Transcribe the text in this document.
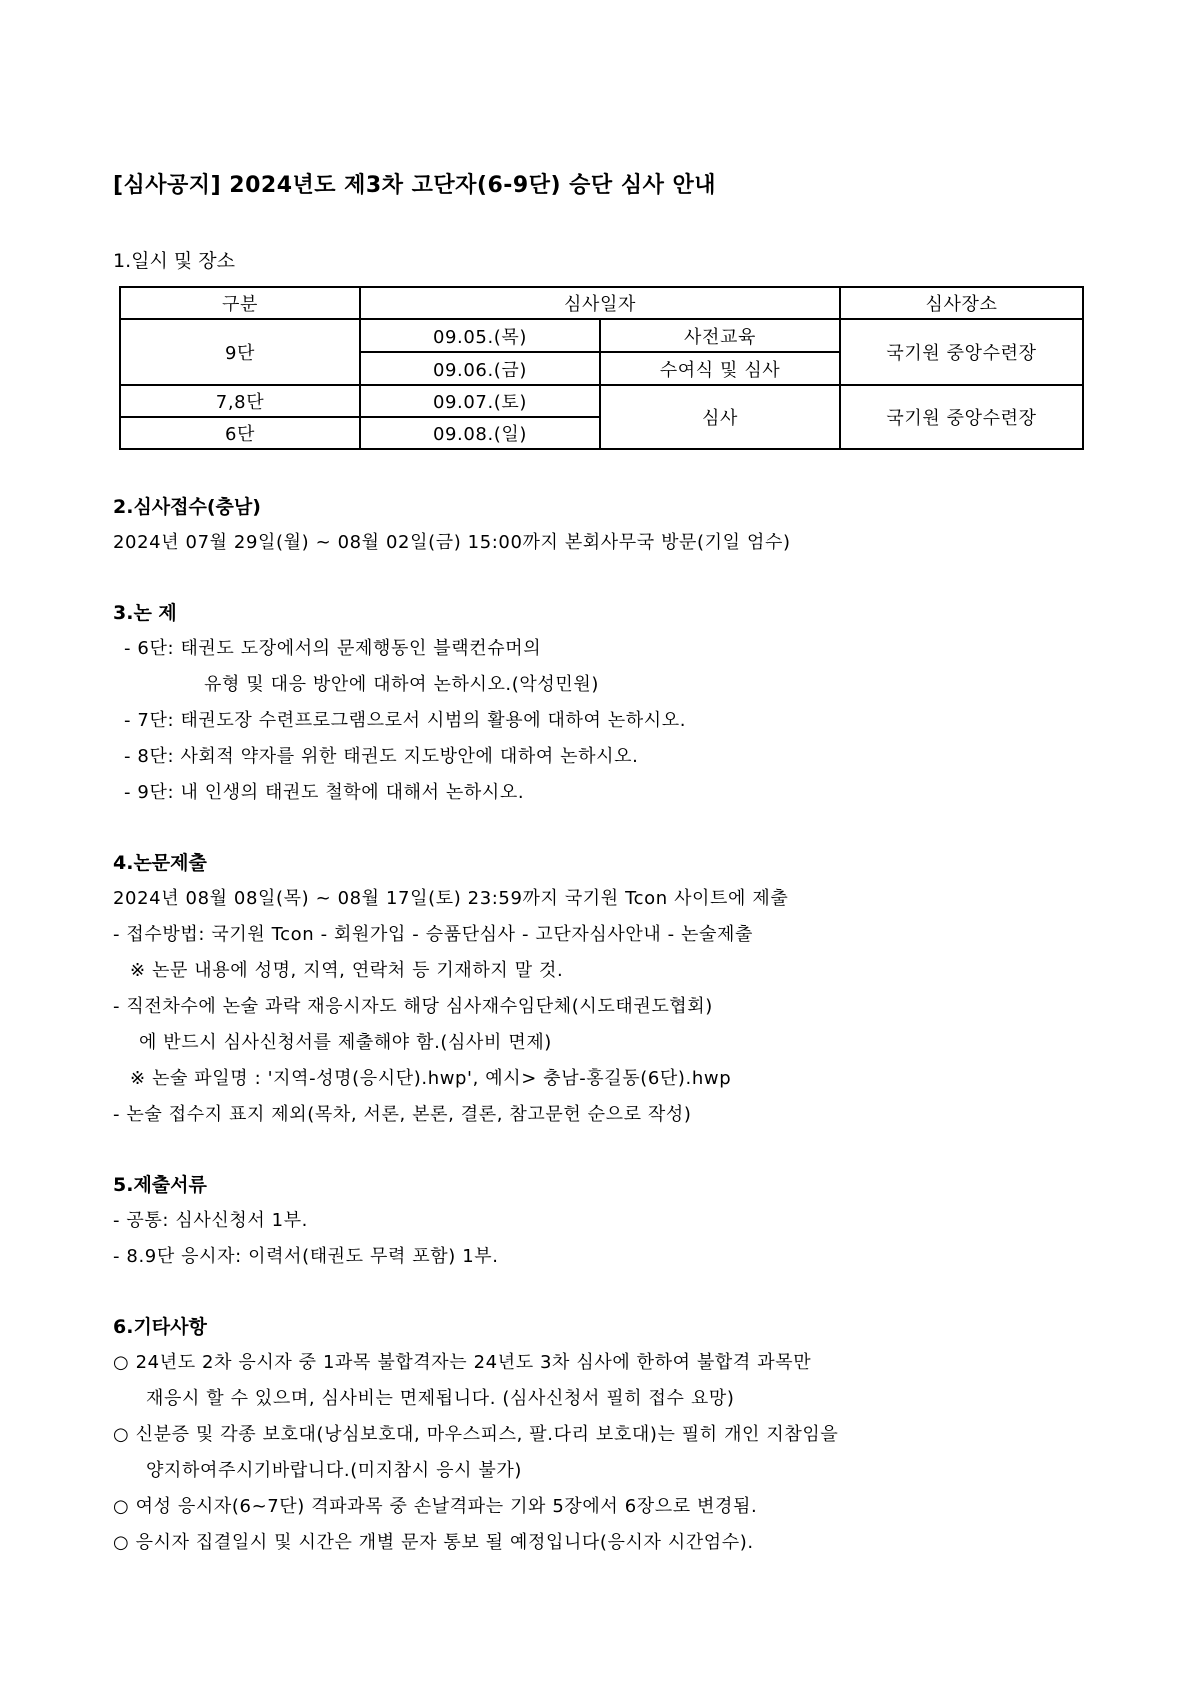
[심사공지] 2024년도 제3차 고단자(6-9단) 승단 심사 안내
1.일시 및 장소
구분	심사일자		심사장소
9단	09.05.(목)	사전교육	국기원 중앙수련장
	09.06.(금)	수여식 및 심사	
7,8단	09.07.(토)	심사	국기원 중앙수련장
6단	09.08.(일)		
2.심사접수(충남)
2024년 07월 29일(월) ~ 08월 02일(금) 15:00까지 본회사무국 방문(기일 엄수)
3.논 제
- 6단: 태권도 도장에서의 문제행동인 블랙컨슈머의
유형 및 대응 방안에 대하여 논하시오.(악성민원)
- 7단: 태권도장 수련프로그램으로서 시범의 활용에 대하여 논하시오.
- 8단: 사회적 약자를 위한 태권도 지도방안에 대하여 논하시오.
- 9단: 내 인생의 태권도 철학에 대해서 논하시오.
4.논문제출
2024년 08월 08일(목) ~ 08월 17일(토) 23:59까지 국기원 Tcon 사이트에 제출
- 접수방법: 국기원 Tcon - 회원가입 - 승품단심사 - 고단자심사안내 - 논술제출
※ 논문 내용에 성명, 지역, 연락처 등 기재하지 말 것.
- 직전차수에 논술 과락 재응시자도 해당 심사재수임단체(시도태권도협회)
에 반드시 심사신청서를 제출해야 함.(심사비 면제)
※ 논술 파일명 : '지역-성명(응시단).hwp', 예시> 충남-홍길동(6단).hwp
- 논술 접수지 표지 제외(목차, 서론, 본론, 결론, 참고문헌 순으로 작성)
5.제출서류
- 공통: 심사신청서 1부.
- 8.9단 응시자: 이력서(태권도 무력 포함) 1부.
6.기타사항
○ 24년도 2차 응시자 중 1과목 불합격자는 24년도 3차 심사에 한하여 불합격 과목만
재응시 할 수 있으며, 심사비는 면제됩니다. (심사신청서 필히 접수 요망)
○ 신분증 및 각종 보호대(낭심보호대, 마우스피스, 팔.다리 보호대)는 필히 개인 지참임을
양지하여주시기바랍니다.(미지참시 응시 불가)
○ 여성 응시자(6~7단) 격파과목 중 손날격파는 기와 5장에서 6장으로 변경됨.
○ 응시자 집결일시 및 시간은 개별 문자 통보 될 예정입니다(응시자 시간엄수).
